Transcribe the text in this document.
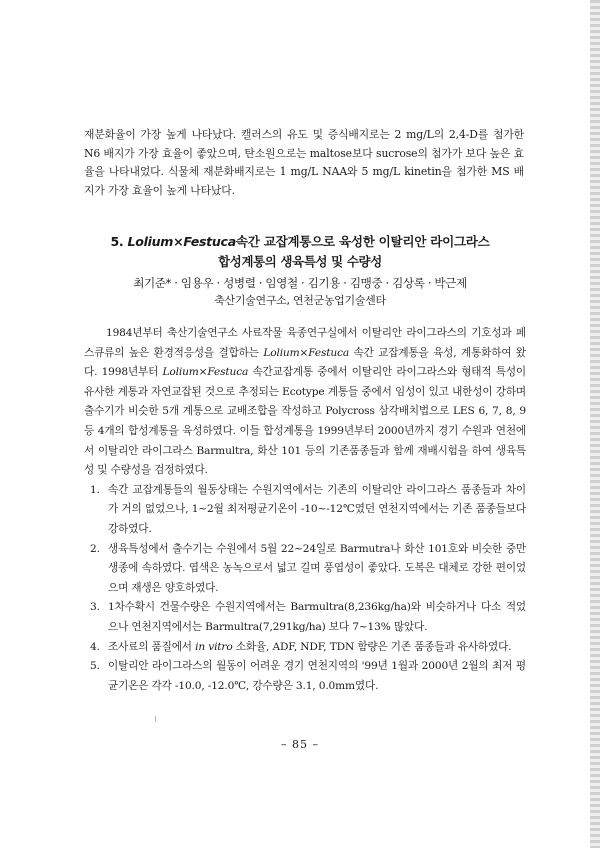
재분화율이 가장 높게 나타났다. 캘러스의 유도 및 증식배지로는 2 mg/L의 2,4-D를 첨가한 N6 배지가 가장 효율이 좋았으며, 탄소원으로는 maltose보다 sucrose의 첨가가 보다 높은 효율을 나타내었다. 식물체 재분화배지로는 1 mg/L NAA와 5 mg/L kinetin을 첨가한 MS 배지가 가장 효율이 높게 나타났다.

5. Lolium×Festuca속간 교잡계통으로 육성한 이탈리안 라이그라스

합성계통의 생육특성 및 수량성

최기준* · 임용우 · 성병렬 · 임영철 · 김기용 · 김맹중 · 김상록 · 박근제

축산기술연구소, 연천군농업기술센타

1984년부터 축산기술연구소 사료작물 육종연구실에서 이탈리안 라이그라스의 기호성과 페스큐류의 높은 환경적응성을 결합하는 Lolium×Festuca 속간 교잡계통을 육성, 계통화하여 왔다. 1998년부터 Lolium×Festuca 속간교잡계통 중에서 이탈리안 라이그라스와 형태적 특성이 유사한 계통과 자연교잡된 것으로 추정되는 Ecotype 계통들 중에서 임성이 있고 내한성이 강하며 출수기가 비슷한 5개 계통으로 교배조합을 작성하고 Polycross 삼각배치법으로 LES 6, 7, 8, 9 등 4개의 합성계통을 육성하였다. 이들 합성계통을 1999년부터 2000년까지 경기 수원과 연천에서 이탈리안 라이그라스 Barmultra, 화산 101 등의 기존품종들과 함께 재배시험을 하여 생육특성 및 수량성을 검정하였다.

1. 속간 교잡계통들의 월동상태는 수원지역에서는 기존의 이탈리안 라이그라스 품종들과 차이가 거의 없었으나, 1~2월 최저평균기온이 -10~-12℃였던 연천지역에서는 기존 품종들보다 강하였다.
2. 생육특성에서 출수기는 수원에서 5월 22~24일로 Barmutra나 화산 101호와 비슷한 중만생종에 속하였다. 엽색은 농녹으로서 넓고 길며 풍엽성이 좋았다. 도복은 대체로 강한 편이었으며 재생은 양호하였다.
3. 1차수확시 건물수량은 수원지역에서는 Barmultra(8,236kg/ha)와 비슷하거나 다소 적었으나 연천지역에서는 Barmultra(7,291kg/ha) 보다 7~13% 많았다.
4. 조사료의 품질에서 in vitro 소화율, ADF, NDF, TDN 함량은 기존 품종들과 유사하였다.
5. 이탈리안 라이그라스의 월동이 어려운 경기 연천지역의 '99년 1월과 2000년 2월의 최저 평균기온은 각각 -10.0, -12.0℃, 강수량은 3.1, 0.0mm였다.
– 85 –
